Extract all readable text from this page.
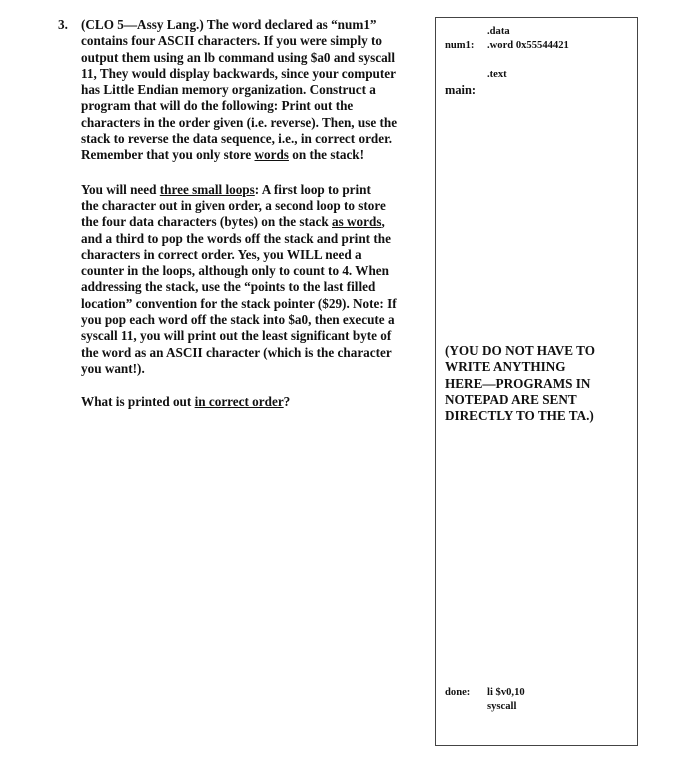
3. (CLO 5—Assy Lang.) The word declared as “num1”
contains four ASCII characters. If you were simply to
output them using an lb command using $a0 and syscall
11, They would display backwards, since your computer
has Little Endian memory organization. Construct a
program that will do the following: Print out the
characters in the order given (i.e. reverse). Then, use the
stack to reverse the data sequence, i.e., in correct order.
Remember that you only store words on the stack!
You will need three small loops: A first loop to print
the character out in given order, a second loop to store
the four data characters (bytes) on the stack as words,
and a third to pop the words off the stack and print the
characters in correct order. Yes, you WILL need a
counter in the loops, although only to count to 4. When
addressing the stack, use the “points to the last filled
location” convention for the stack pointer ($29). Note: If
you pop each word off the stack into $a0, then execute a
syscall 11, you will print out the least significant byte of
the word as an ASCII character (which is the character
you want!).
What is printed out in correct order?
.data
num1: .word 0x55544421
.text
main:
(YOU DO NOT HAVE TO
WRITE ANYTHING
HERE—PROGRAMS IN
NOTEPAD ARE SENT
DIRECTLY TO THE TA.)
done: li $v0,10
syscall
